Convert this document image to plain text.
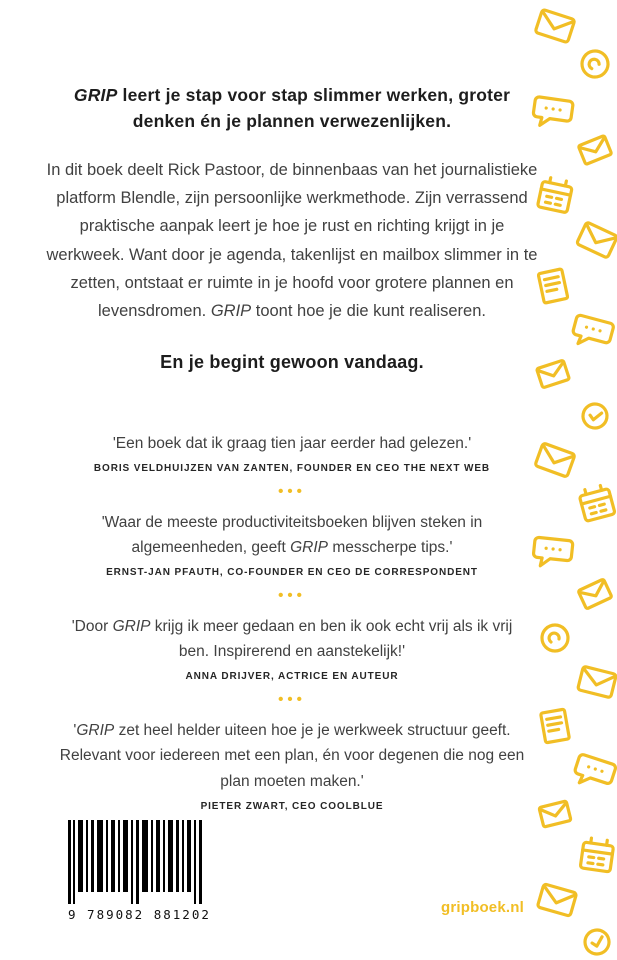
GRIP leert je stap voor stap slimmer werken, groter denken én je plannen verwezenlijken.

In dit boek deelt Rick Pastoor, de binnenbaas van het journalistieke platform Blendle, zijn persoonlijke werkmethode. Zijn verrassend praktische aanpak leert je hoe je rust en richting krijgt in je werkweek. Want door je agenda, takenlijst en mailbox slimmer in te zetten, ontstaat er ruimte in je hoofd voor grotere plannen en levensdromen. GRIP toont hoe je die kunt realiseren.

En je begint gewoon vandaag.

'Een boek dat ik graag tien jaar eerder had gelezen.'

BORIS VELDHUIJZEN VAN ZANTEN, FOUNDER EN CEO THE NEXT WEB

•••

'Waar de meeste productiviteitsboeken blijven steken in algemeenheden, geeft GRIP messcherpe tips.'

ERNST-JAN PFAUTH, CO-FOUNDER EN CEO DE CORRESPONDENT

•••

'Door GRIP krijg ik meer gedaan en ben ik ook echt vrij als ik vrij ben. Inspirerend en aanstekelijk!'

ANNA DRIJVER, ACTRICE EN AUTEUR

•••

'GRIP zet heel helder uiteen hoe je je werkweek structuur geeft. Relevant voor iedereen met een plan, én voor degenen die nog een plan moeten maken.'

PIETER ZWART, CEO COOLBLUE

9 789082 881202	gripboek.nl
